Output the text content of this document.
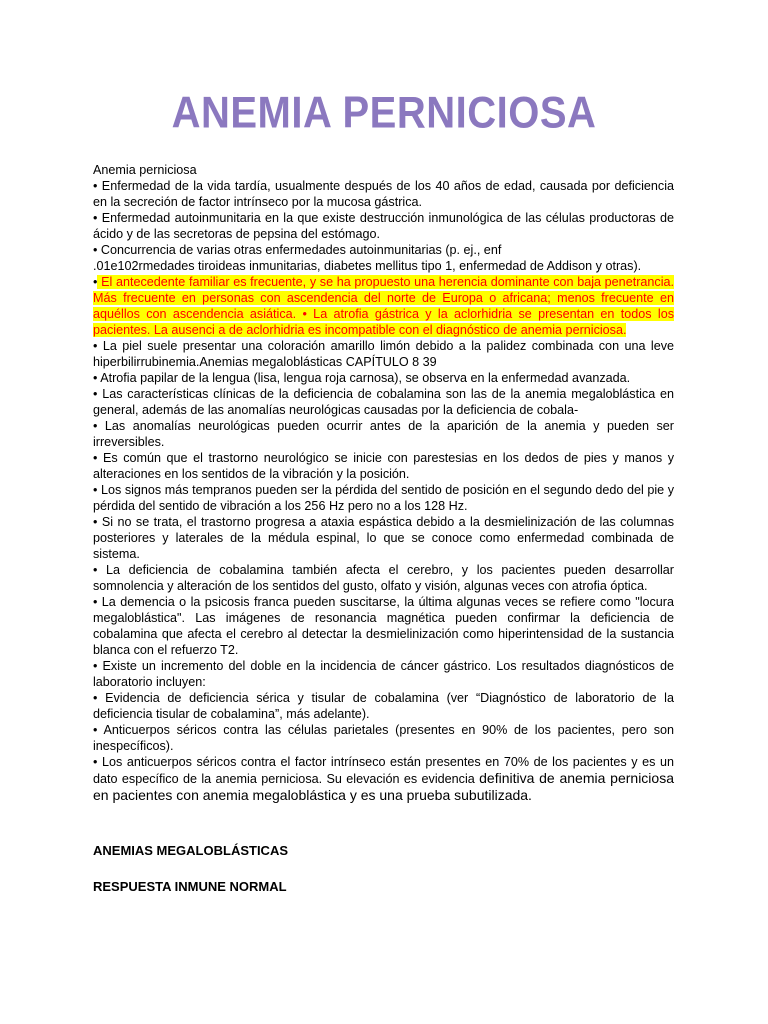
ANEMIA PERNICIOSA

Anemia perniciosa

• Enfermedad de la vida tardía, usualmente después de los 40 años de edad, causada por deficiencia en la secreción de factor intrínseco por la mucosa gástrica.

• Enfermedad autoinmunitaria en la que existe destrucción inmunológica de las células productoras de ácido y de las secretoras de pepsina del estómago.

• Concurrencia de varias otras enfermedades autoinmunitarias (p. ej., enf

.01e102rmedades tiroideas inmunitarias, diabetes mellitus tipo 1, enfermedad de Addison y otras).

• El antecedente familiar es frecuente, y se ha propuesto una herencia dominante con baja penetrancia. Más frecuente en personas con ascendencia del norte de Europa o africana; menos frecuente en aquéllos con ascendencia asiática. • La atrofia gástrica y la aclorhidria se presentan en todos los pacientes. La ausenci a de aclorhidria es incompatible con el diagnóstico de anemia perniciosa.

• La piel suele presentar una coloración amarillo limón debido a la palidez combinada con una leve hiperbilirrubinemia.Anemias megaloblásticas CAPÍTULO 8 39

• Atrofia papilar de la lengua (lisa, lengua roja carnosa), se observa en la enfermedad avanzada.

• Las características clínicas de la deficiencia de cobalamina son las de la anemia megaloblástica en general, además de las anomalías neurológicas causadas por la deficiencia de cobala-

• Las anomalías neurológicas pueden ocurrir antes de la aparición de la anemia y pueden ser irreversibles.

• Es común que el trastorno neurológico se inicie con parestesias en los dedos de pies y manos y alteraciones en los sentidos de la vibración y la posición.

• Los signos más tempranos pueden ser la pérdida del sentido de posición en el segundo dedo del pie y pérdida del sentido de vibración a los 256 Hz pero no a los 128 Hz.

• Si no se trata, el trastorno progresa a ataxia espástica debido a la desmielinización de las columnas posteriores y laterales de la médula espinal, lo que se conoce como enfermedad combinada de sistema.

• La deficiencia de cobalamina también afecta el cerebro, y los pacientes pueden desarrollar somnolencia y alteración de los sentidos del gusto, olfato y visión, algunas veces con atrofia óptica.

• La demencia o la psicosis franca pueden suscitarse, la última algunas veces se refiere como "locura megaloblástica". Las imágenes de resonancia magnética pueden confirmar la deficiencia de cobalamina que afecta el cerebro al detectar la desmielinización como hiperintensidad de la sustancia blanca con el refuerzo T2.

• Existe un incremento del doble en la incidencia de cáncer gástrico. Los resultados diagnósticos de laboratorio incluyen:

• Evidencia de deficiencia sérica y tisular de cobalamina (ver “Diagnóstico de laboratorio de la deficiencia tisular de cobalamina”, más adelante).

• Anticuerpos séricos contra las células parietales (presentes en 90% de los pacientes, pero son inespecíficos).

• Los anticuerpos séricos contra el factor intrínseco están presentes en 70% de los pacientes y es un dato específico de la anemia perniciosa. Su elevación es evidencia definitiva de anemia perniciosa en pacientes con anemia megaloblástica y es una prueba subutilizada.

ANEMIAS MEGALOBLÁSTICAS
RESPUESTA INMUNE NORMAL
